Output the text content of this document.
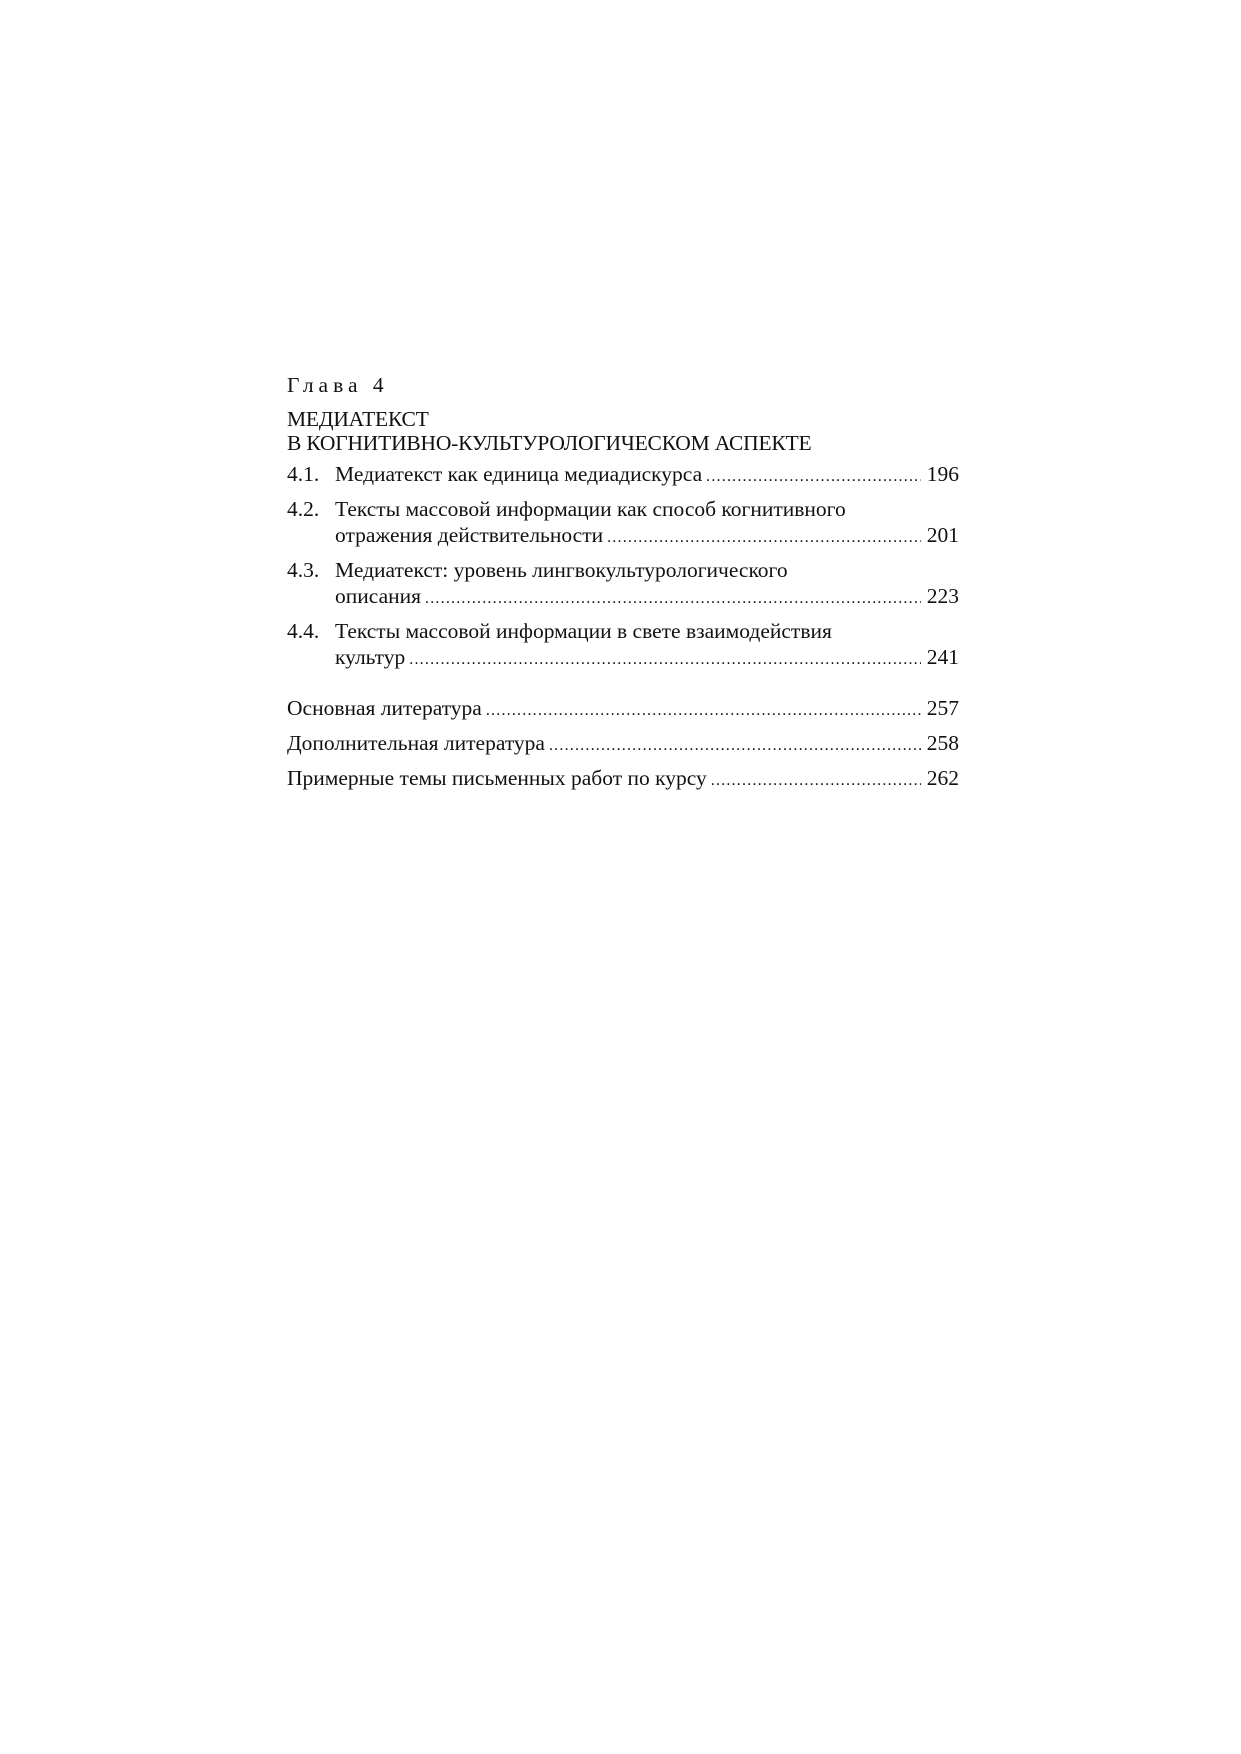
Глава 4
МЕДИАТЕКСТ
В КОГНИТИВНО-КУЛЬТУРОЛОГИЧЕСКОМ АСПЕКТЕ
4.1. Медиатекст как единица медиадискурса .....	196
4.2. Тексты массовой информации как способ когнитивного
отражения действительности .....	201
4.3. Медиатекст: уровень лингвокультурологического
описания .....	223
4.4. Тексты массовой информации в свете взаимодействия
культур .....	241
Основная литература .....	257
Дополнительная литература .....	258
Примерные темы письменных работ по курсу .....	262
